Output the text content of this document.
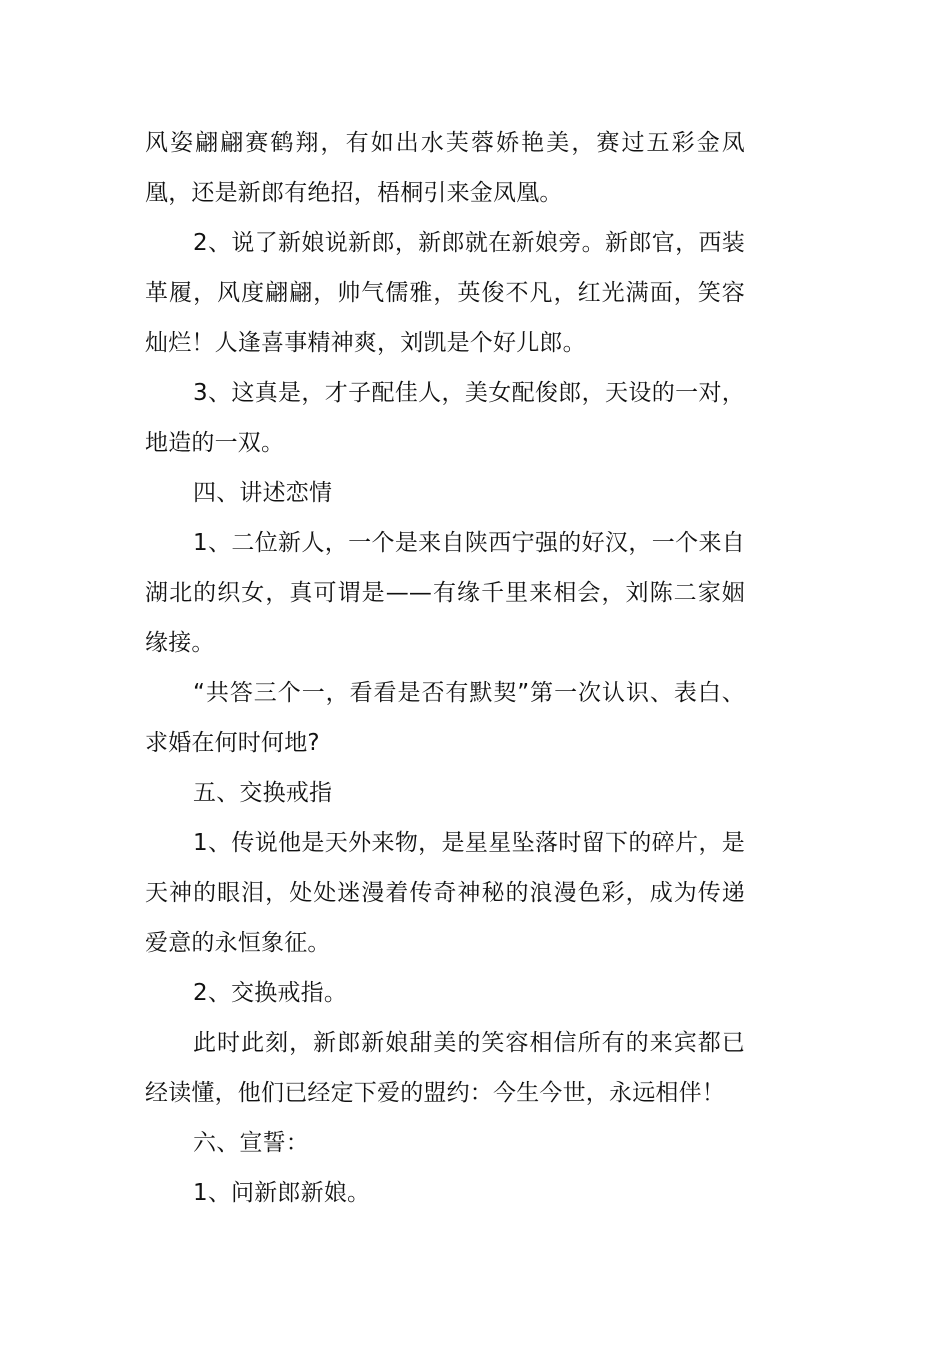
风姿翩翩赛鹤翔，有如出水芙蓉娇艳美，赛过五彩金凤凰，还是新郎有绝招，梧桐引来金凤凰。

2、说了新娘说新郎，新郎就在新娘旁。新郎官，西装革履，风度翩翩，帅气儒雅，英俊不凡，红光满面，笑容灿烂！人逢喜事精神爽，刘凯是个好儿郎。

3、这真是，才子配佳人，美女配俊郎，天设的一对，地造的一双。

四、讲述恋情

1、二位新人，一个是来自陕西宁强的好汉，一个来自湖北的织女，真可谓是——有缘千里来相会，刘陈二家姻缘接。

“共答三个一，看看是否有默契”第一次认识、表白、求婚在何时何地?

五、交换戒指

1、传说他是天外来物，是星星坠落时留下的碎片，是天神的眼泪，处处迷漫着传奇神秘的浪漫色彩，成为传递爱意的永恒象征。

2、交换戒指。

此时此刻，新郎新娘甜美的笑容相信所有的来宾都已经读懂，他们已经定下爱的盟约：今生今世，永远相伴！

六、宣誓：

1、问新郎新娘。
